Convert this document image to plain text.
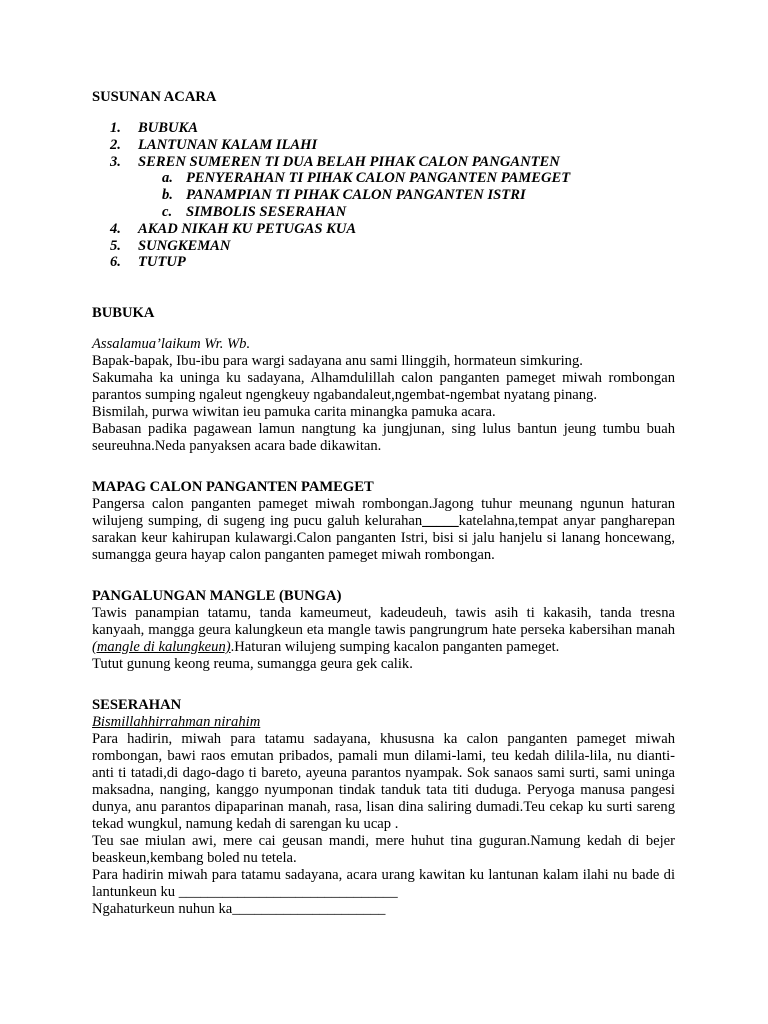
SUSUNAN ACARA
1. BUBUKA
2. LANTUNAN KALAM ILAHI
3. SEREN SUMEREN TI DUA BELAH PIHAK CALON PANGANTEN
a. PENYERAHAN TI PIHAK CALON PANGANTEN PAMEGET
b. PANAMPIAN TI PIHAK CALON PANGANTEN ISTRI
c. SIMBOLIS SESERAHAN
4. AKAD NIKAH KU PETUGAS KUA
5. SUNGKEMAN
6. TUTUP
BUBUKA
Assalamua’laikum Wr. Wb.

Bapak-bapak, Ibu-ibu para wargi sadayana anu sami llinggih, hormateun simkuring.

Sakumaha ka uninga ku sadayana, Alhamdulillah calon panganten pameget miwah rombongan parantos sumping ngaleut ngengkeuy ngabandaleut,ngembat-ngembat nyatang pinang.

Bismilah, purwa wiwitan ieu pamuka carita minangka pamuka acara.

Babasan padika pagawean lamun nangtung ka jungjunan, sing lulus bantun jeung tumbu buah seureuhna.Neda panyaksen acara bade dikawitan.

MAPAG CALON PANGANTEN PAMEGET

Pangersa calon panganten pameget miwah rombongan.Jagong tuhur meunang ngunun haturan wilujeng sumping, di sugeng ing pucu galuh kelurahan_____katelahna,tempat anyar pangharepan sarakan keur kahirupan kulawargi.Calon panganten Istri, bisi si jalu hanjelu si lanang honcewang, sumangga geura hayap calon panganten pameget miwah rombongan.

PANGALUNGAN MANGLE (BUNGA)

Tawis panampian tatamu, tanda kameumeut, kadeudeuh, tawis asih ti kakasih, tanda tresna kanyaah, mangga geura kalungkeun eta mangle tawis pangrungrum hate perseka kabersihan manah (mangle di kalungkeun).Haturan wilujeng sumping kacalon panganten pameget.

Tutut gunung keong reuma, sumangga geura gek calik.

SESERAHAN
Bismillahhirrahman nirahim

Para hadirin, miwah para tatamu sadayana, khususna ka calon panganten pameget miwah rombongan, bawi raos emutan pribados, pamali mun dilami-lami, teu kedah dilila-lila, nu dianti-anti ti tatadi,di dago-dago ti bareto, ayeuna parantos nyampak. Sok sanaos sami surti, sami uninga maksadna, nanging, kanggo nyumponan tindak tanduk tata titi duduga. Peryoga manusa pangesi dunya, anu parantos dipaparinan manah, rasa, lisan dina saliring dumadi.Teu cekap ku surti sareng tekad wungkul, namung kedah di sarengan ku ucap .

Teu sae miulan awi, mere cai geusan mandi, mere huhut tina guguran.Namung kedah di bejer beaskeun,kembang boled nu tetela.

Para hadirin miwah para tatamu sadayana, acara urang kawitan ku lantunan kalam ilahi nu bade di lantunkeun ku ______________________________

Ngahaturkeun nuhun ka_____________________
